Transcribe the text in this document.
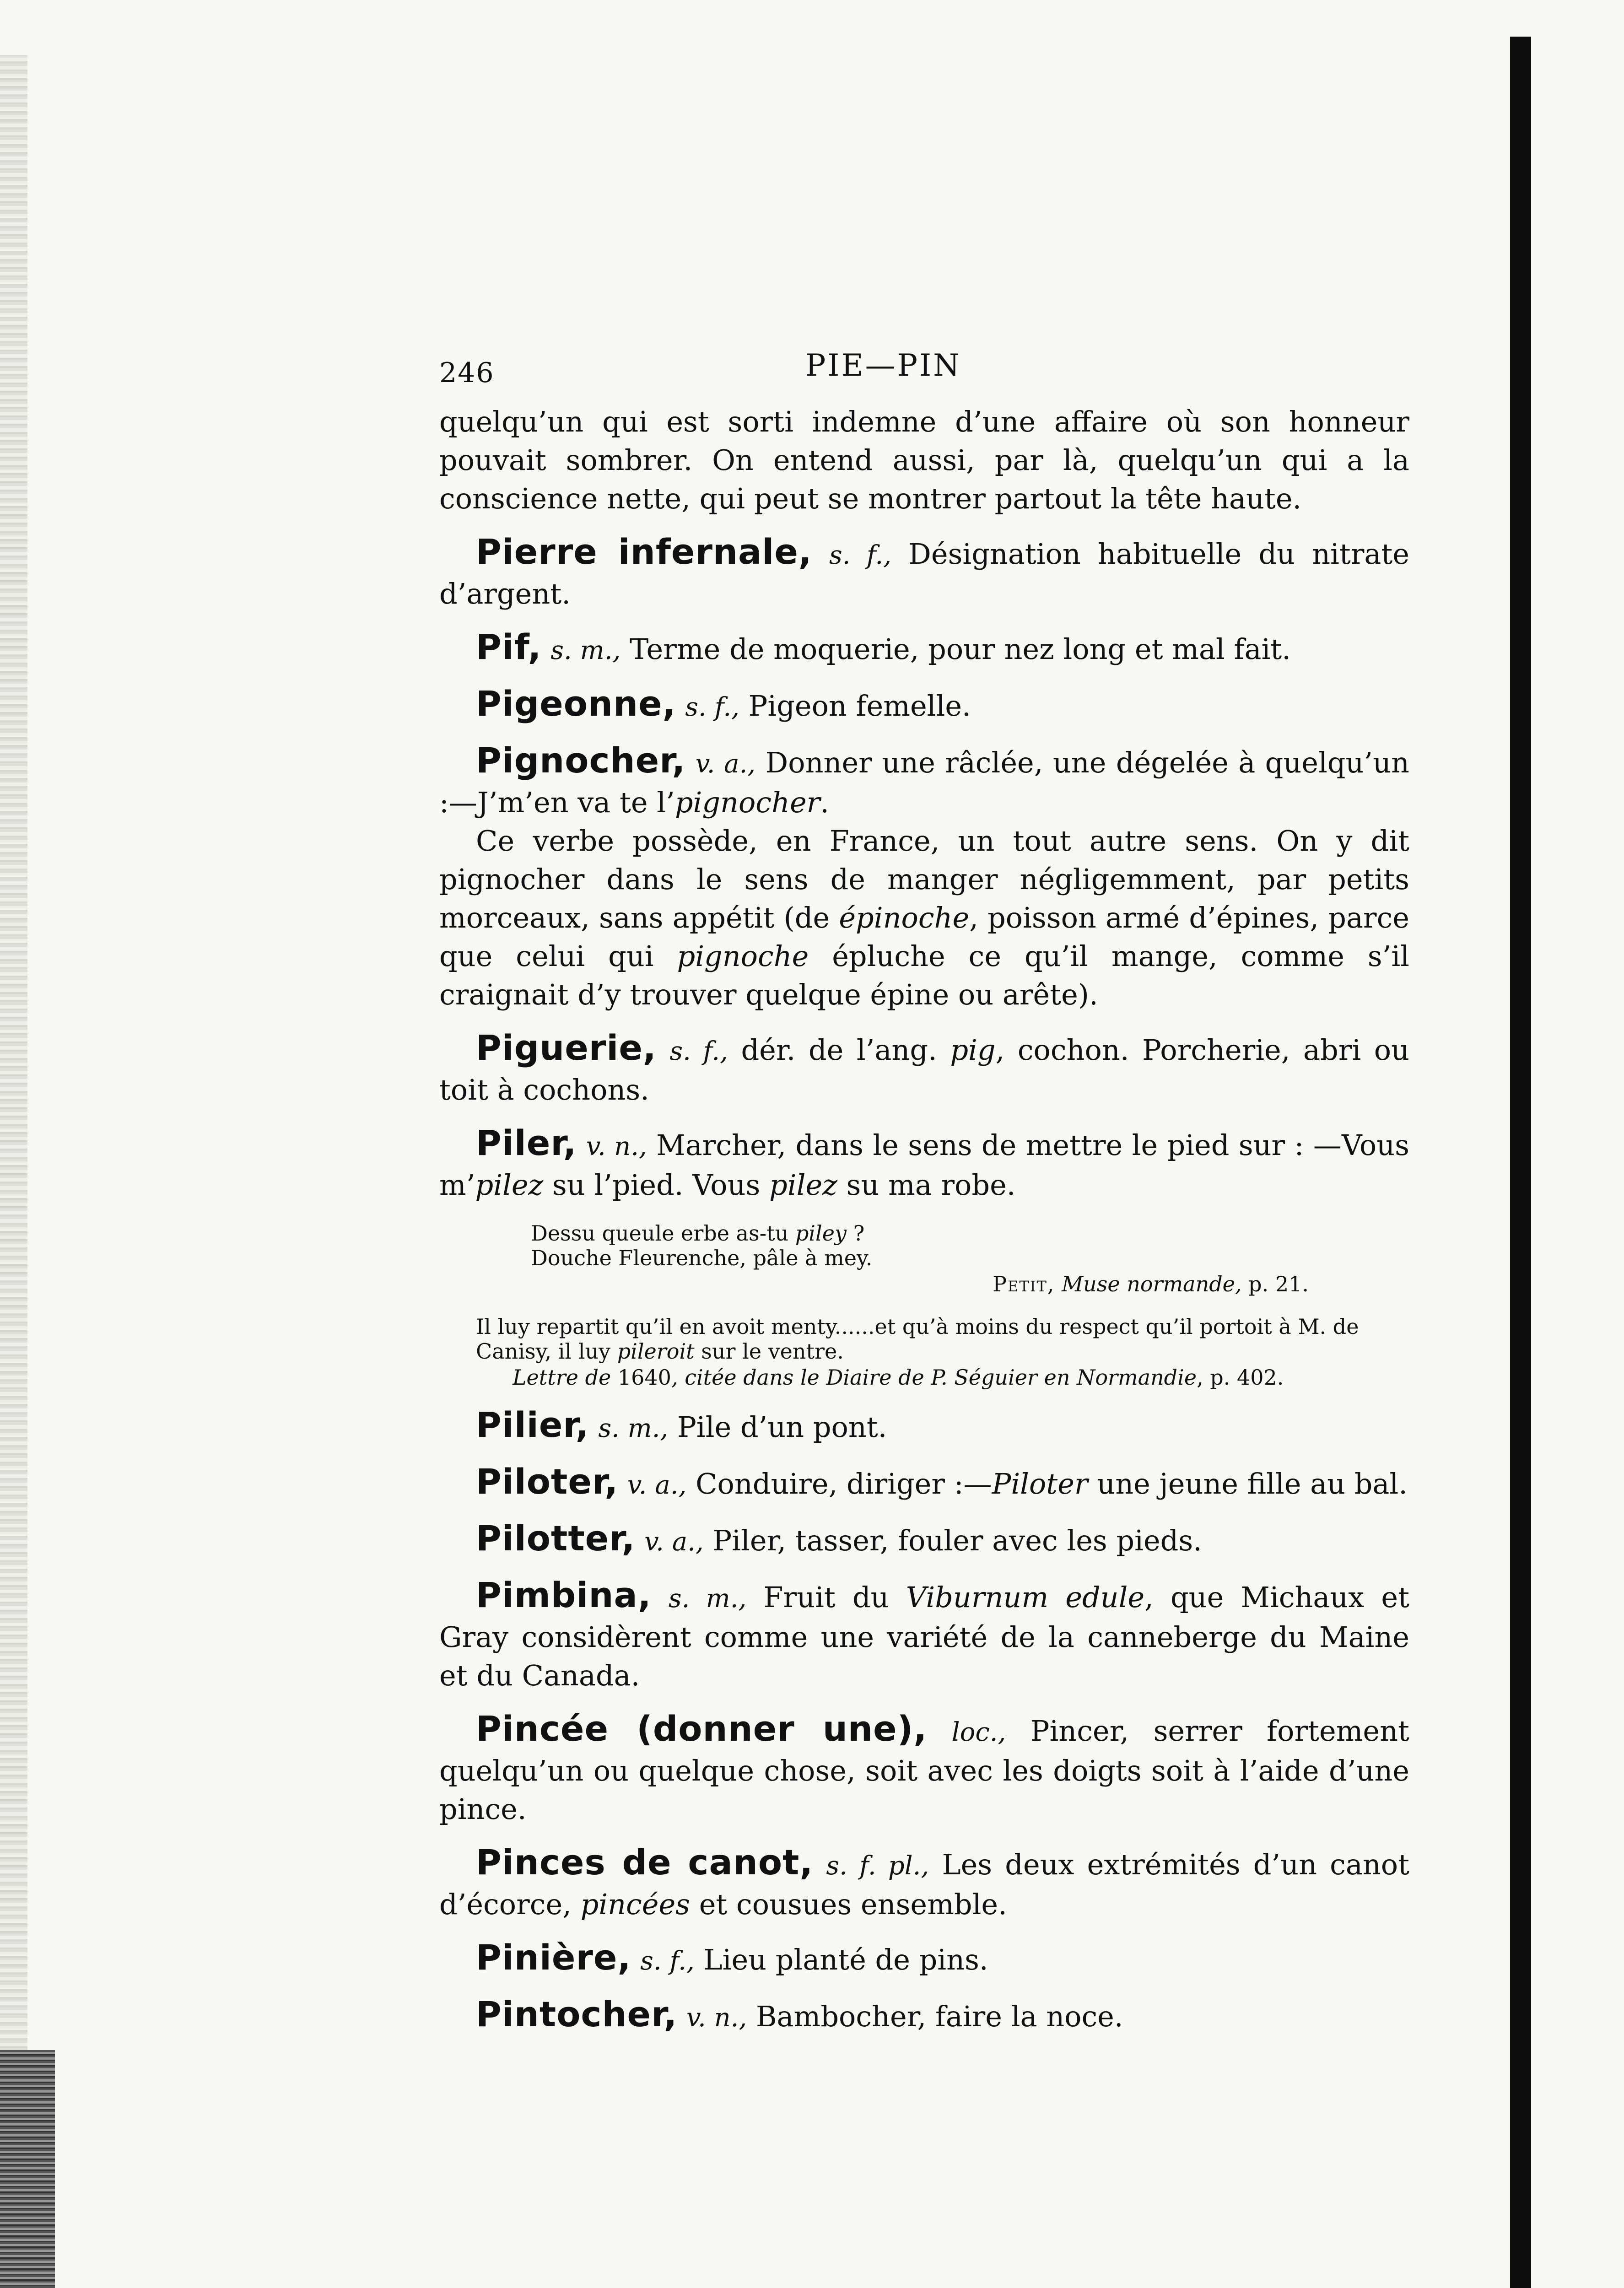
246	PIE—PIN

quelqu’un qui est sorti indemne d’une affaire où son honneur pouvait sombrer. On entend aussi, par là, quelqu’un qui a la conscience nette, qui peut se montrer partout la tête haute.

Pierre infernale, s. f., Désignation habituelle du nitrate d’argent.

Pif, s. m., Terme de moquerie, pour nez long et mal fait.

Pigeonne, s. f., Pigeon femelle.

Pignocher, v. a., Donner une râclée, une dégelée à quelqu’un :—J’m’en va te l’pignocher.

Ce verbe possède, en France, un tout autre sens. On y dit pignocher dans le sens de manger négligemment, par petits morceaux, sans appétit (de épinoche, poisson armé d’épines, parce que celui qui pignoche épluche ce qu’il mange, comme s’il craignait d’y trouver quelque épine ou arête).

Piguerie, s. f., dér. de l’ang. pig, cochon. Porcherie, abri ou toit à cochons.

Piler, v. n., Marcher, dans le sens de mettre le pied sur : —Vous m’pilez su l’pied. Vous pilez su ma robe.

Dessu queule erbe as-tu piley ?
Douche Fleurenche, pâle à mey.
Petit, Muse normande, p. 21.
Il luy repartit qu’il en avoit menty......et qu’à moins du respect qu’il portoit à M. de Canisy, il luy pileroit sur le ventre.
Lettre de 1640, citée dans le Diaire de P. Séguier en Normandie, p. 402.

Pilier, s. m., Pile d’un pont.

Piloter, v. a., Conduire, diriger :—Piloter une jeune fille au bal.

Pilotter, v. a., Piler, tasser, fouler avec les pieds.

Pimbina, s. m., Fruit du Viburnum edule, que Michaux et Gray considèrent comme une variété de la canneberge du Maine et du Canada.

Pincée (donner une), loc., Pincer, serrer fortement quelqu’un ou quelque chose, soit avec les doigts soit à l’aide d’une pince.

Pinces de canot, s. f. pl., Les deux extrémités d’un canot d’écorce, pincées et cousues ensemble.

Pinière, s. f., Lieu planté de pins.

Pintocher, v. n., Bambocher, faire la noce.
